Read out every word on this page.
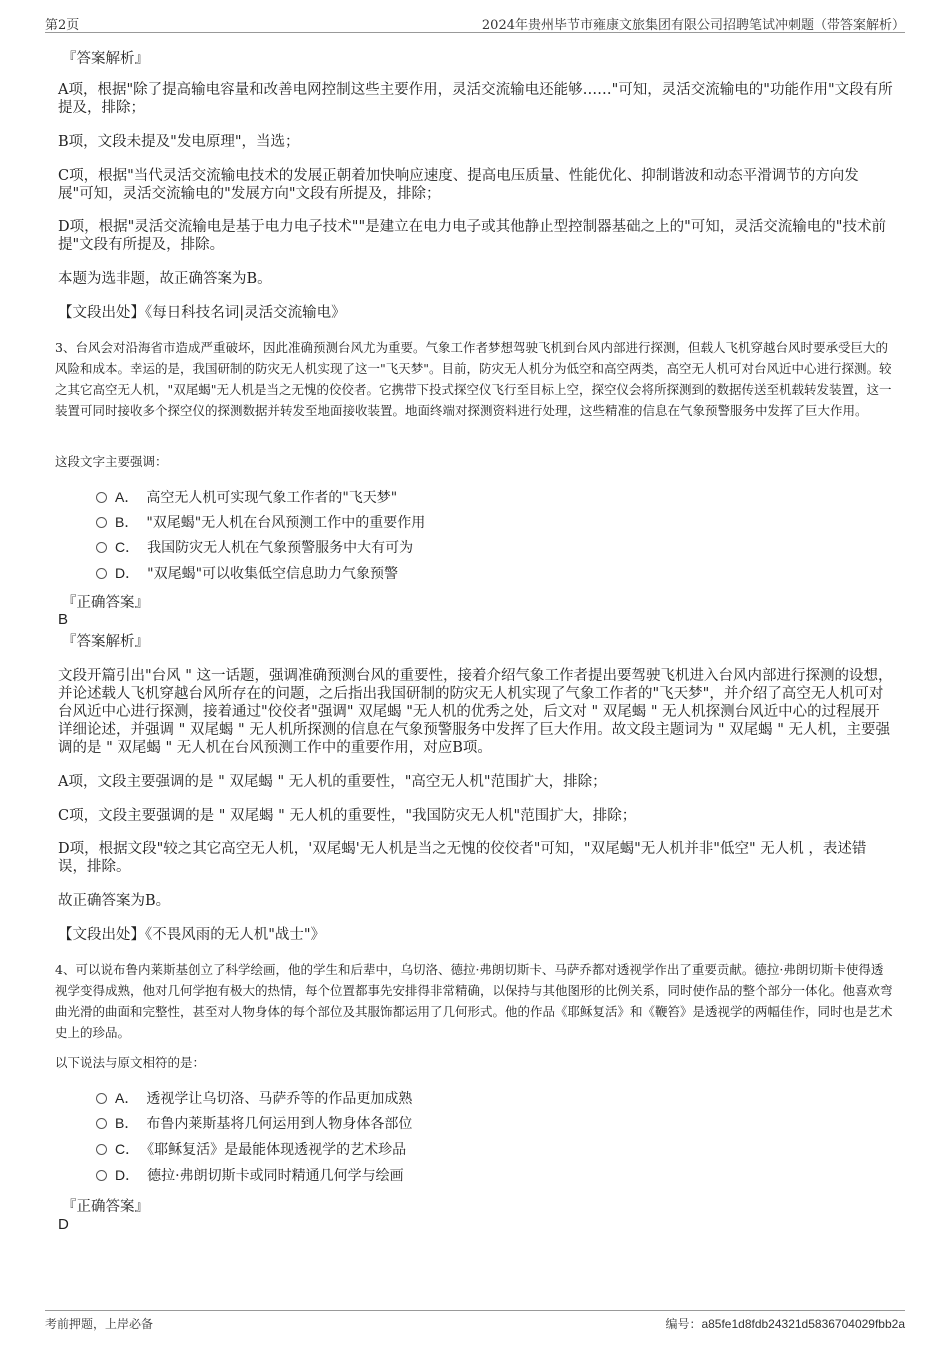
第2页	2024年贵州毕节市雍康文旅集团有限公司招聘笔试冲刺题（带答案解析）
『答案解析』

A项，根据"除了提高输电容量和改善电网控制这些主要作用，灵活交流输电还能够……"可知，灵活交流输电的"功能作用"文段有所提及，排除；

B项，文段未提及"发电原理"，当选；

C项，根据"当代灵活交流输电技术的发展正朝着加快响应速度、提高电压质量、性能优化、抑制谐波和动态平滑调节的方向发展"可知，灵活交流输电的"发展方向"文段有所提及，排除；

D项，根据"灵活交流输电是基于电力电子技术""是建立在电力电子或其他静止型控制器基础之上的"可知，灵活交流输电的"技术前提"文段有所提及，排除。

本题为选非题，故正确答案为B。

【文段出处】《每日科技名词|灵活交流输电》

3、台风会对沿海省市造成严重破坏，因此准确预测台风尤为重要。气象工作者梦想驾驶飞机到台风内部进行探测，但载人飞机穿越台风时要承受巨大的风险和成本。幸运的是，我国研制的防灾无人机实现了这一"飞天梦"。目前，防灾无人机分为低空和高空两类，高空无人机可对台风近中心进行探测。较之其它高空无人机，"双尾蝎"无人机是当之无愧的佼佼者。它携带下投式探空仪飞行至目标上空，探空仪会将所探测到的数据传送至机载转发装置，这一装置可同时接收多个探空仪的探测数据并转发至地面接收装置。地面终端对探测资料进行处理，这些精准的信息在气象预警服务中发挥了巨大作用。

这段文字主要强调：

A． 高空无人机可实现气象工作者的"飞天梦"
B． "双尾蝎"无人机在台风预测工作中的重要作用
C． 我国防灾无人机在气象预警服务中大有可为
D． "双尾蝎"可以收集低空信息助力气象预警
『正确答案』
B
『答案解析』

文段开篇引出"台风 " 这一话题，强调准确预测台风的重要性，接着介绍气象工作者提出要驾驶飞机进入台风内部进行探测的设想，并论述载人飞机穿越台风所存在的问题，之后指出我国研制的防灾无人机实现了气象工作者的"飞天梦"，并介绍了高空无人机可对台风近中心进行探测，接着通过"佼佼者"强调" 双尾蝎 "无人机的优秀之处，后文对 " 双尾蝎 " 无人机探测台风近中心的过程展开详细论述，并强调 " 双尾蝎 " 无人机所探测的信息在气象预警服务中发挥了巨大作用。故文段主题词为 " 双尾蝎 " 无人机，主要强调的是 " 双尾蝎 " 无人机在台风预测工作中的重要作用，对应B项。

A项，文段主要强调的是 " 双尾蝎 " 无人机的重要性，"高空无人机"范围扩大，排除；

C项，文段主要强调的是 " 双尾蝎 " 无人机的重要性，"我国防灾无人机"范围扩大，排除；

D项，根据文段"较之其它高空无人机，'双尾蝎'无人机是当之无愧的佼佼者"可知，"双尾蝎"无人机并非"低空" 无人机 ，表述错误，排除。

故正确答案为B。

【文段出处】《不畏风雨的无人机"战士"》

4、可以说布鲁内莱斯基创立了科学绘画，他的学生和后辈中，乌切洛、德拉·弗朗切斯卡、马萨乔都对透视学作出了重要贡献。德拉·弗朗切斯卡使得透视学变得成熟，他对几何学抱有极大的热情，每个位置都事先安排得非常精确，以保持与其他图形的比例关系，同时使作品的整个部分一体化。他喜欢弯曲光滑的曲面和完整性，甚至对人物身体的每个部位及其服饰都运用了几何形式。他的作品《耶稣复活》和《鞭笞》是透视学的两幅佳作，同时也是艺术史上的珍品。

以下说法与原文相符的是：

A． 透视学让乌切洛、马萨乔等的作品更加成熟
B． 布鲁内莱斯基将几何运用到人物身体各部位
C． 《耶稣复活》是最能体现透视学的艺术珍品
D． 德拉·弗朗切斯卡或同时精通几何学与绘画
『正确答案』
D
考前押题，上岸必备	编号：a85fe1d8fdb24321d5836704029fbb2a
